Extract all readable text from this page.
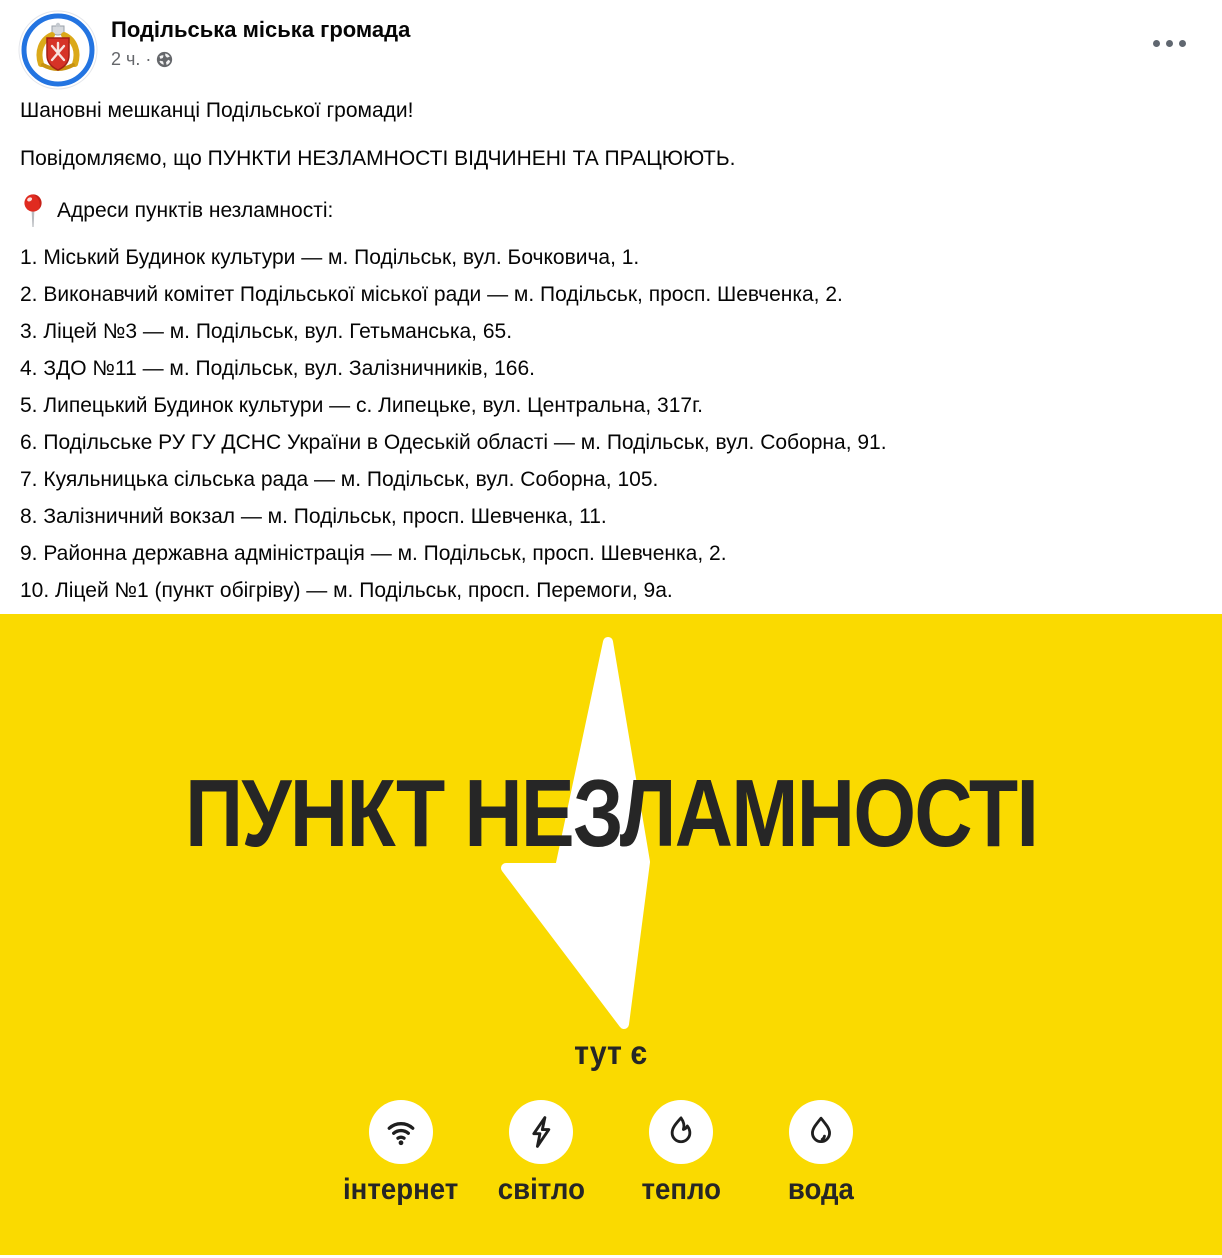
Подільська міська громада
2 ч. ·

Шановні мешканці Подільської громади!

Повідомляємо, що ПУНКТИ НЕЗЛАМНОСТІ ВІДЧИНЕНІ ТА ПРАЦЮЮТЬ.

Адреси пунктів незламності:
1. Міський Будинок культури — м. Подільськ, вул. Бочковича, 1.
2. Виконавчий комітет Подільської міської ради — м. Подільськ, просп. Шевченка, 2.
3. Ліцей №3 — м. Подільськ, вул. Гетьманська, 65.
4. ЗДО №11 — м. Подільськ, вул. Залізничників, 166.
5. Липецький Будинок культури — с. Липецьке, вул. Центральна, 317г.
6. Подільське РУ ГУ ДСНС України в Одеській області — м. Подільськ, вул. Соборна, 91.
7. Куяльницька сільська рада — м. Подільськ, вул. Соборна, 105.
8. Залізничний вокзал — м. Подільськ, просп. Шевченка, 11.
9. Районна державна адміністрація — м. Подільськ, просп. Шевченка, 2.
10. Ліцей №1 (пункт обігріву) — м. Подільськ, просп. Перемоги, 9а.
ПУНКТ НЕЗЛАМНОСТІ
тут є
інтернет	світло	тепло	вода
